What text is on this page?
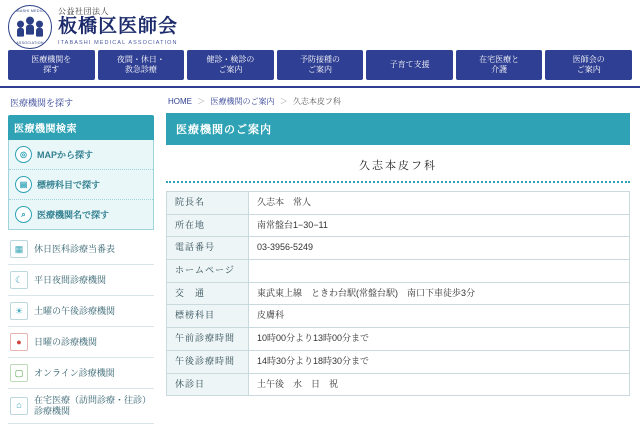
ITABASHI MEDICAL
ASSOCIATION
公益社団法人
板橋区医師会
ITABASHI MEDICAL ASSOCIATION
医療機関を
探す
夜間・休日・
救急診療
健診・検診の
ご案内
予防接種の
ご案内
子育て支援
在宅医療と
介護
医師会の
ご案内
医療機関を探す
医療機関検索
◎	MAPから探す
▤	標榜科目で探す
⌕	医療機関名で探す
▦	休日医科診療当番表
☾	平日夜間診療機関
☀	土曜の午後診療機関
●	日曜の診療機関
▢	オンライン診療機関
⌂
在宅医療（訪問診療・往診）診療機関
HOME ＞ 医療機関のご案内 ＞ 久志本皮フ科
医療機関のご案内
久志本皮フ科
院長名	久志本　常人
所在地	南常盤台1−30−11
電話番号	03-3956-5249
ホームページ	
交　通	東武東上線　ときわ台駅(常盤台駅)　南口下車徒歩3分
標榜科目	皮膚科
午前診療時間	10時00分より13時00分まで
午後診療時間	14時30分より18時30分まで
休診日	土午後　水　日　祝
